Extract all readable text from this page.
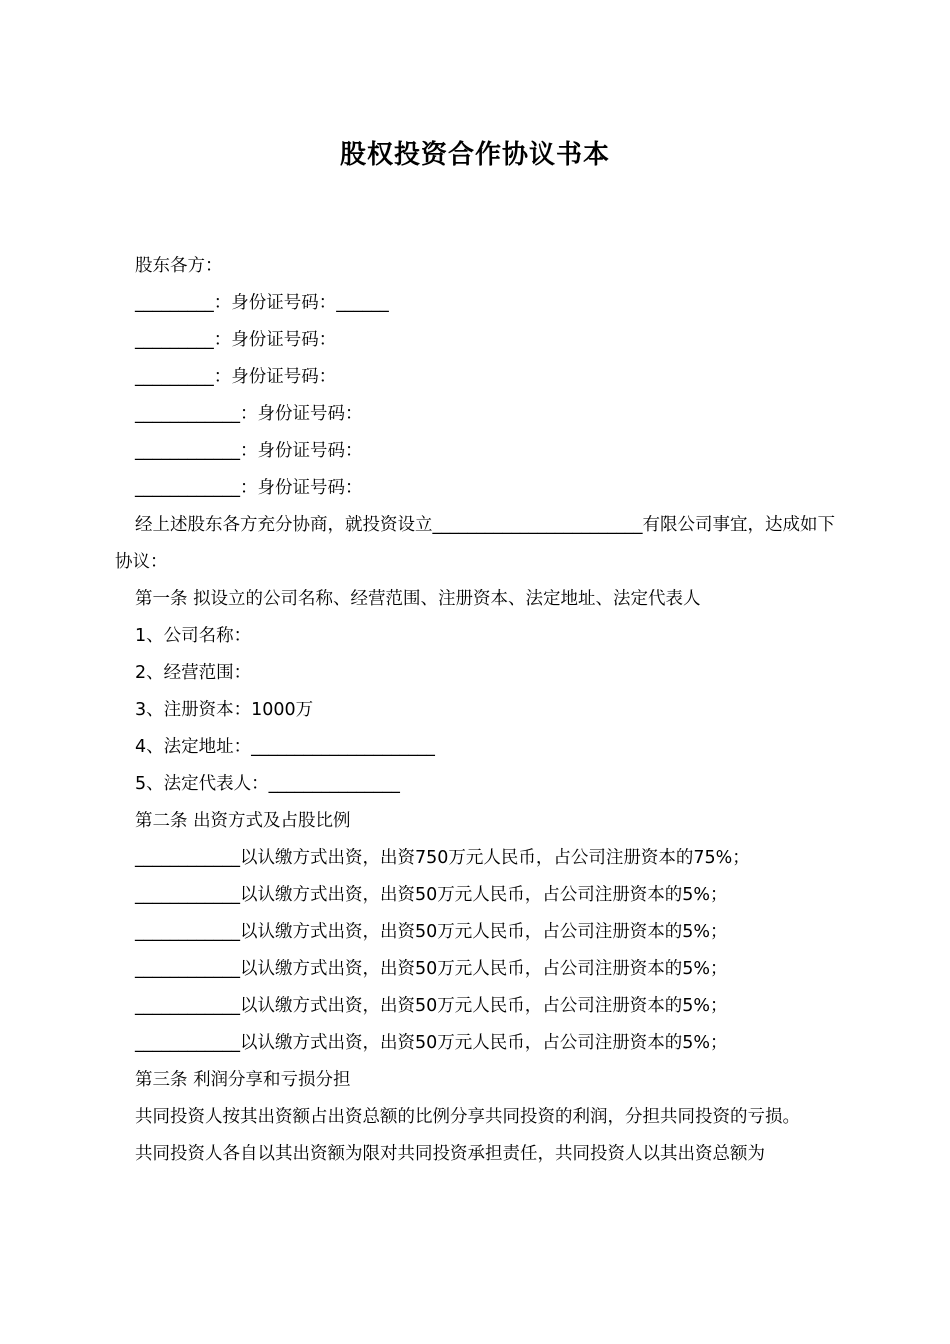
股权投资合作协议书本
股东各方：
_________：身份证号码：______
_________：身份证号码：
_________：身份证号码：
____________：身份证号码：
____________：身份证号码：
____________：身份证号码：
经上述股东各方充分协商，就投资设立________________________有限公司事宜，达成如下协议：
第一条 拟设立的公司名称、经营范围、注册资本、法定地址、法定代表人
1、公司名称：
2、经营范围：
3、注册资本：1000万
4、法定地址：_____________________
5、法定代表人：_______________
第二条 出资方式及占股比例
____________以认缴方式出资，出资750万元人民币，占公司注册资本的75%；
____________以认缴方式出资，出资50万元人民币，占公司注册资本的5%；
____________以认缴方式出资，出资50万元人民币，占公司注册资本的5%；
____________以认缴方式出资，出资50万元人民币，占公司注册资本的5%；
____________以认缴方式出资，出资50万元人民币，占公司注册资本的5%；
____________以认缴方式出资，出资50万元人民币，占公司注册资本的5%；
第三条 利润分享和亏损分担
共同投资人按其出资额占出资总额的比例分享共同投资的利润，分担共同投资的亏损。
共同投资人各自以其出资额为限对共同投资承担责任，共同投资人以其出资总额为
